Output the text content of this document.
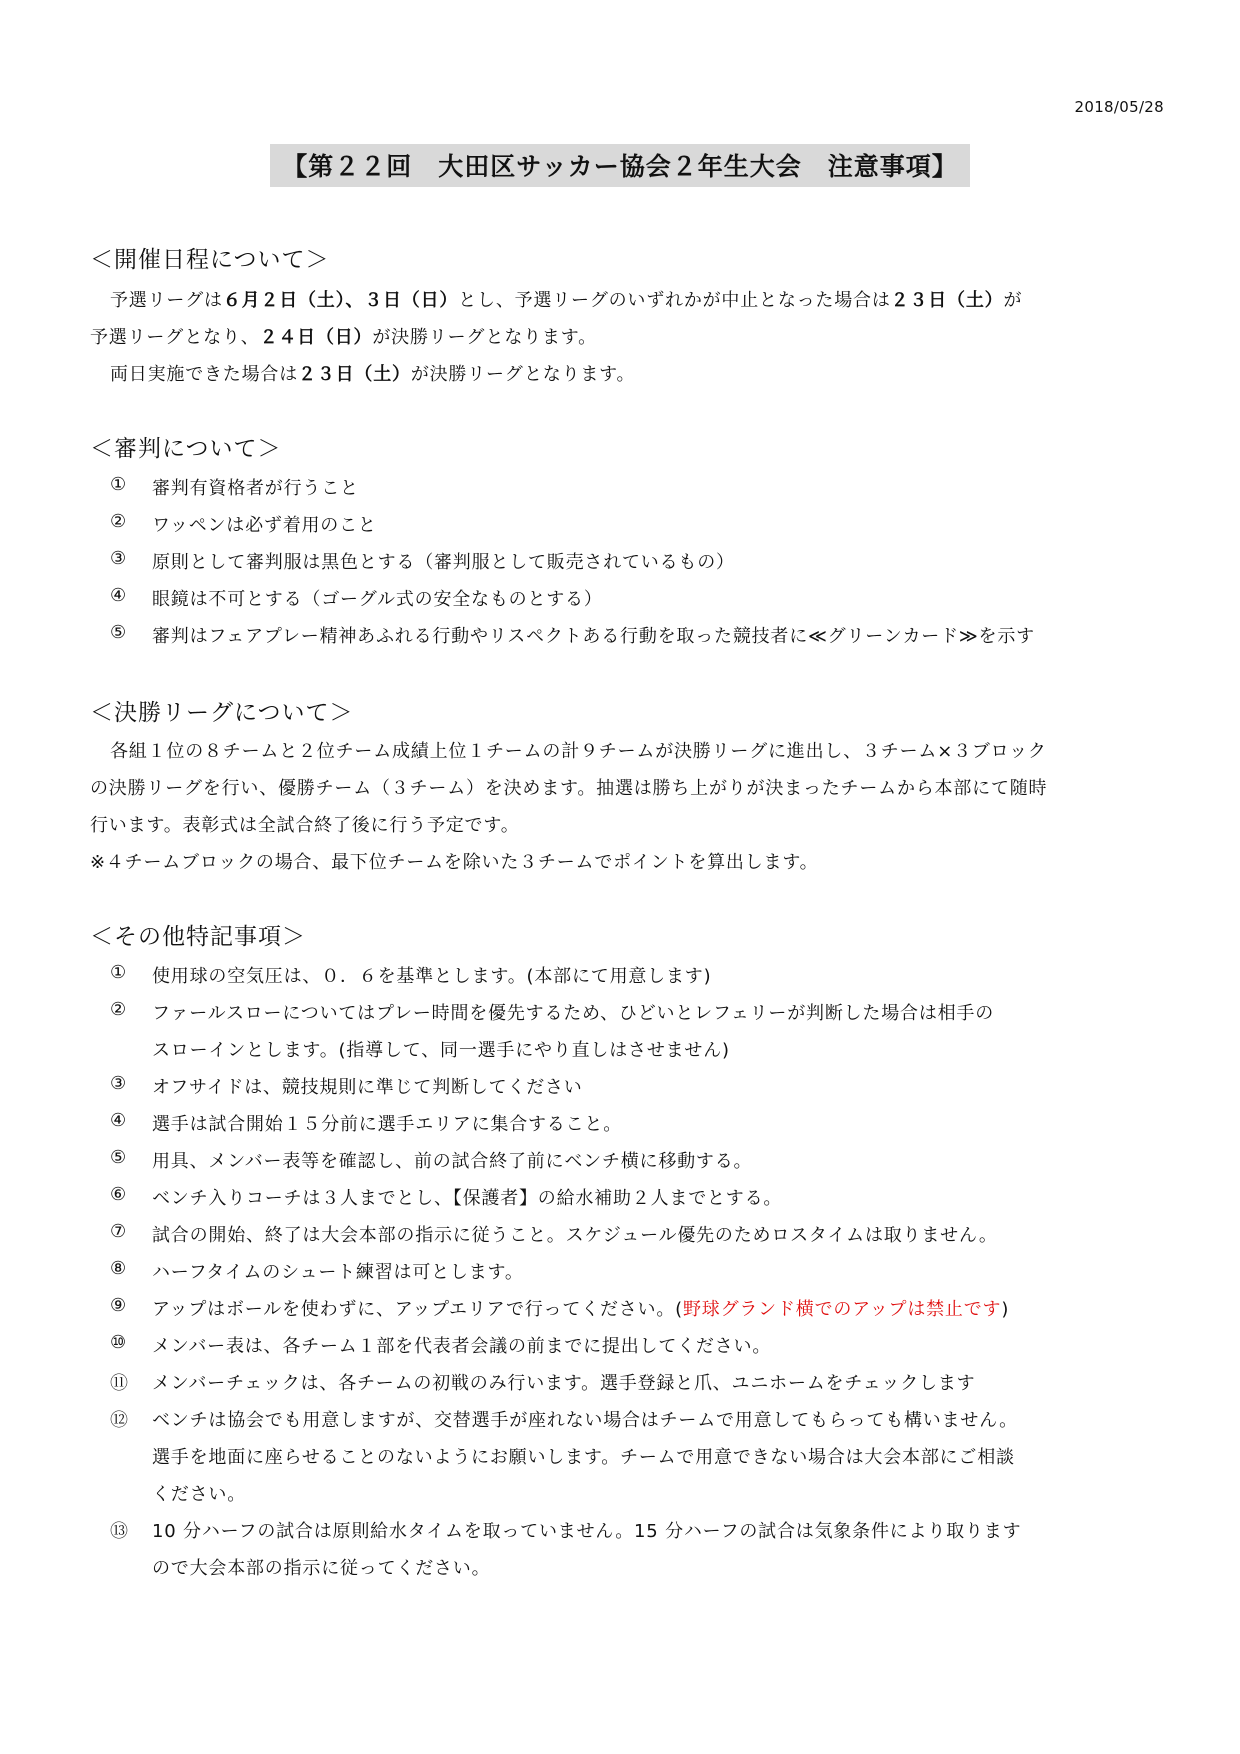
2018/05/28
【第２２回　大田区サッカー協会２年生大会　注意事項】
＜開催日程について＞
予選リーグは６月２日（土）、３日（日）とし、予選リーグのいずれかが中止となった場合は２３日（土）が
予選リーグとなり、２４日（日）が決勝リーグとなります。
両日実施できた場合は２３日（土）が決勝リーグとなります。
＜審判について＞
① 審判有資格者が行うこと
② ワッペンは必ず着用のこと
③ 原則として審判服は黒色とする（審判服として販売されているもの）
④ 眼鏡は不可とする（ゴーグル式の安全なものとする）
⑤ 審判はフェアプレー精神あふれる行動やリスペクトある行動を取った競技者に≪グリーンカード≫を示す
＜決勝リーグについて＞
各組１位の８チームと２位チーム成績上位１チームの計９チームが決勝リーグに進出し、３チーム×３ブロック
の決勝リーグを行い、優勝チーム（３チーム）を決めます。抽選は勝ち上がりが決まったチームから本部にて随時
行います。表彰式は全試合終了後に行う予定です。
※４チームブロックの場合、最下位チームを除いた３チームでポイントを算出します。
＜その他特記事項＞
① 使用球の空気圧は、０．６を基準とします。(本部にて用意します)
② ファールスローについてはプレー時間を優先するため、ひどいとレフェリーが判断した場合は相手の
スローインとします。(指導して、同一選手にやり直しはさせません)
③ オフサイドは、競技規則に準じて判断してください
④ 選手は試合開始１５分前に選手エリアに集合すること。
⑤ 用具、メンバー表等を確認し、前の試合終了前にベンチ横に移動する。
⑥ ベンチ入りコーチは３人までとし、【保護者】の給水補助２人までとする。
⑦ 試合の開始、終了は大会本部の指示に従うこと。スケジュール優先のためロスタイムは取りません。
⑧ ハーフタイムのシュート練習は可とします。
⑨ アップはボールを使わずに、アップエリアで行ってください。(野球グランド横でのアップは禁止です)
⑩ メンバー表は、各チーム１部を代表者会議の前までに提出してください。
⑪ メンバーチェックは、各チームの初戦のみ行います。選手登録と爪、ユニホームをチェックします
⑫ ベンチは協会でも用意しますが、交替選手が座れない場合はチームで用意してもらっても構いません。
選手を地面に座らせることのないようにお願いします。チームで用意できない場合は大会本部にご相談
ください。
⑬ 10 分ハーフの試合は原則給水タイムを取っていません。15 分ハーフの試合は気象条件により取ります
ので大会本部の指示に従ってください。
